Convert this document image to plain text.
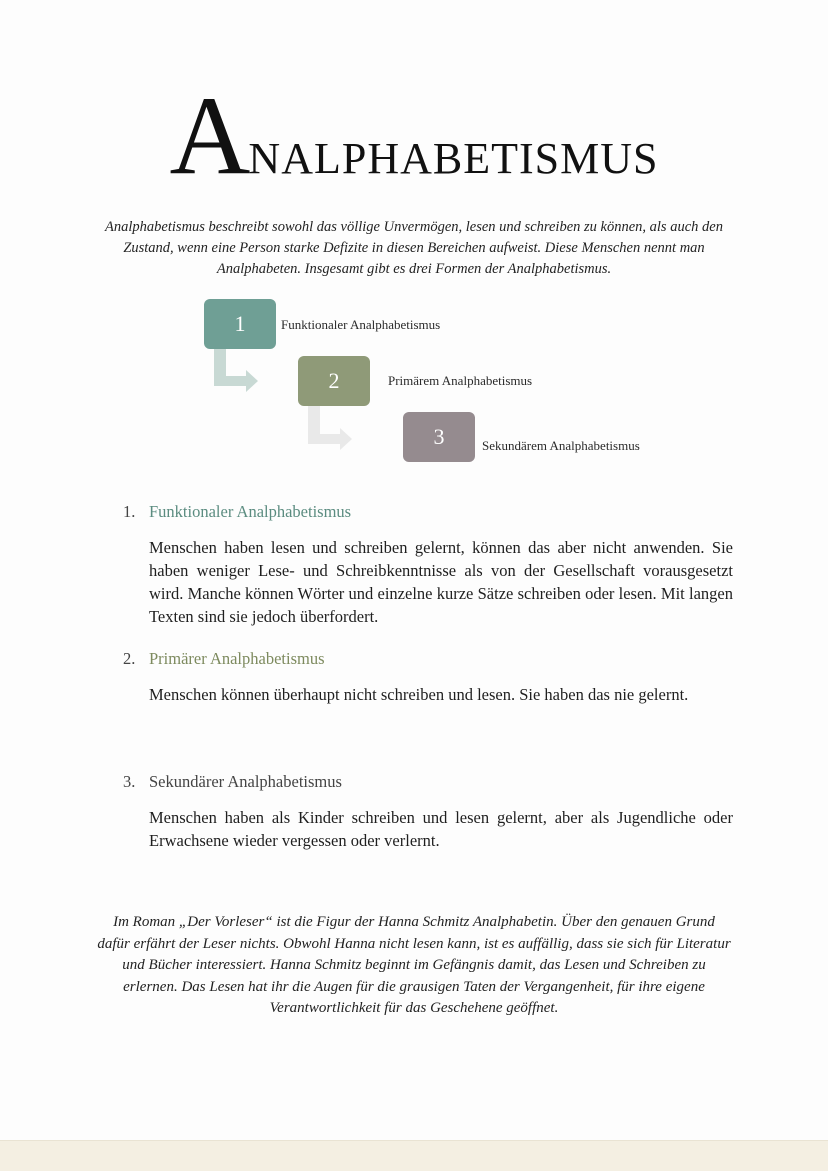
ANALPHABETISMUS
Analphabetismus beschreibt sowohl das völlige Unvermögen, lesen und schreiben zu können, als auch den Zustand, wenn eine Person starke Defizite in diesen Bereichen aufweist. Diese Menschen nennt man Analphabeten. Insgesamt gibt es drei Formen der Analphabetismus.
1	Funktionaler Analphabetismus
2	Primärem Analphabetismus
3	Sekundärem Analphabetismus
1. Funktionaler Analphabetismus
Menschen haben lesen und schreiben gelernt, können das aber nicht anwenden. Sie haben weniger Lese- und Schreibkenntnisse als von der Gesellschaft vorausgesetzt wird. Manche können Wörter und einzelne kurze Sätze schreiben oder lesen. Mit langen Texten sind sie jedoch überfordert.
2. Primärer Analphabetismus
Menschen können überhaupt nicht schreiben und lesen. Sie haben das nie gelernt.
3. Sekundärer Analphabetismus
Menschen haben als Kinder schreiben und lesen gelernt, aber als Jugendliche oder Erwachsene wieder vergessen oder verlernt.
Im Roman „Der Vorleser“ ist die Figur der Hanna Schmitz Analphabetin. Über den genauen Grund dafür erfährt der Leser nichts. Obwohl Hanna nicht lesen kann, ist es auffällig, dass sie sich für Literatur und Bücher interessiert. Hanna Schmitz beginnt im Gefängnis damit, das Lesen und Schreiben zu erlernen. Das Lesen hat ihr die Augen für die grausigen Taten der Vergangenheit, für ihre eigene Verantwortlichkeit für das Geschehene geöffnet.
